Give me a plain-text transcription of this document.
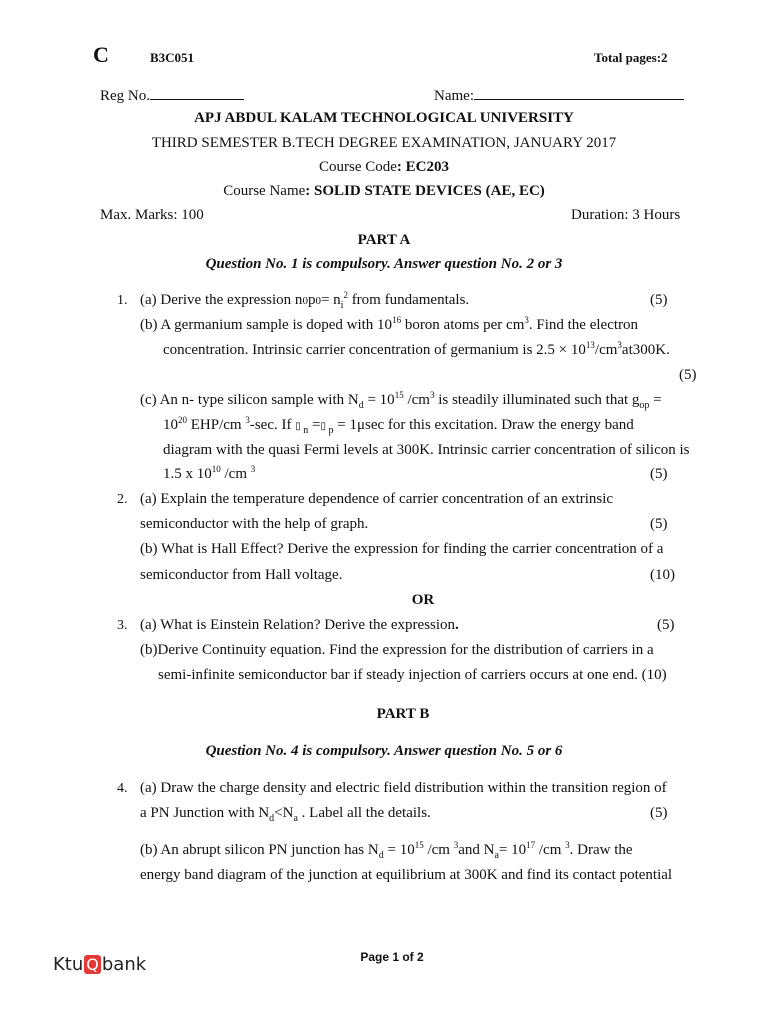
C	B3C051	Total pages:2
Reg No.	Name:
APJ ABDUL KALAM TECHNOLOGICAL UNIVERSITY
THIRD SEMESTER B.TECH DEGREE EXAMINATION, JANUARY 2017
Course Code: EC203
Course Name: SOLID STATE DEVICES (AE, EC)
Max. Marks: 100	Duration: 3 Hours
PART A
Question No. 1 is compulsory. Answer question No. 2 or 3
1. (a) Derive the expression $n0p0= n_i^2$ from fundamentals.	(5)
(b) A germanium sample is doped with $10^{16}$ boron atoms per $cm^3$. Find the electron
concentration. Intrinsic carrier concentration of germanium is $2.5 \times 10^{13}/cm^3at300K$.
(5)
(c) An n- type silicon sample with $N_d = 10^{15}$ $/cm^3$ is steadily illuminated such that $g_{op}$ =
$10^{20}$ EHP/cm $^3$-sec. If ▯ $_n$ =▯ $_p$ = 1μsec for this excitation. Draw the energy band
diagram with the quasi Fermi levels at 300K. Intrinsic carrier concentration of silicon is
1.5 x $10^{10}$ /cm $^3$	(5)
2. (a) Explain the temperature dependence of carrier concentration of an extrinsic
semiconductor with the help of graph.	(5)
(b) What is Hall Effect? Derive the expression for finding the carrier concentration of a
semiconductor from Hall voltage.	(10)
OR
3. (a) What is Einstein Relation? Derive the expression.	(5)
(b)Derive Continuity equation. Find the expression for the distribution of carriers in a
semi-infinite semiconductor bar if steady injection of carriers occurs at one end. (10)
PART B
Question No. 4 is compulsory. Answer question No. 5 or 6
4. (a) Draw the charge density and electric field distribution within the transition region of
a PN Junction with $N_d<N_a$ . Label all the details.	(5)
(b) An abrupt silicon PN junction has $N_d = 10^{15}$ /cm $^3$and $N_a= 10^{17}$ /cm $^3$. Draw the
energy band diagram of the junction at equilibrium at 300K and find its contact potential
Page 1 of 2
Ktu Q bank
